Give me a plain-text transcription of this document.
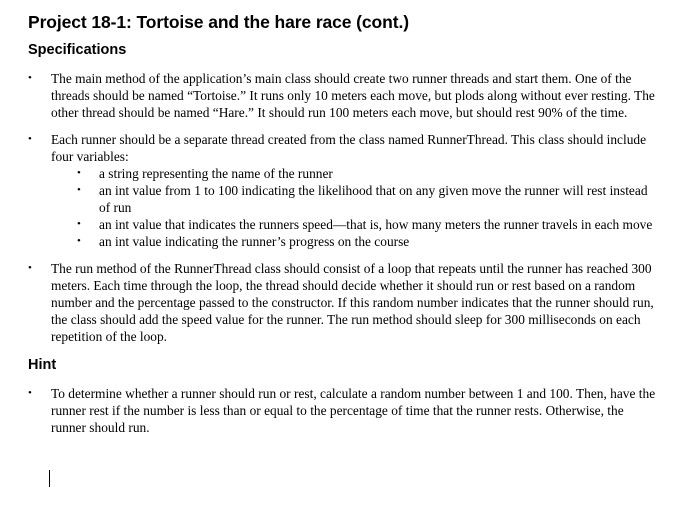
Project 18-1: Tortoise and the hare race (cont.)
Specifications
•	The main method of the application’s main class should create two runner threads and start them. One of the threads should be named “Tortoise.” It runs only 10 meters each move, but plods along without ever resting. The other thread should be named “Hare.” It should run 100 meters each move, but should rest 90% of the time.
•	Each runner should be a separate thread created from the class named RunnerThread. This class should include four variables:
•	a string representing the name of the runner
•	an int value from 1 to 100 indicating the likelihood that on any given move the runner will rest instead of run
•	an int value that indicates the runners speed—that is, how many meters the runner travels in each move
•	an int value indicating the runner’s progress on the course
•	The run method of the RunnerThread class should consist of a loop that repeats until the runner has reached 300 meters. Each time through the loop, the thread should decide whether it should run or rest based on a random number and the percentage passed to the constructor. If this random number indicates that the runner should run, the class should add the speed value for the runner. The run method should sleep for 300 milliseconds on each repetition of the loop.
Hint
•	To determine whether a runner should run or rest, calculate a random number between 1 and 100. Then, have the runner rest if the number is less than or equal to the percentage of time that the runner rests. Otherwise, the runner should run.
